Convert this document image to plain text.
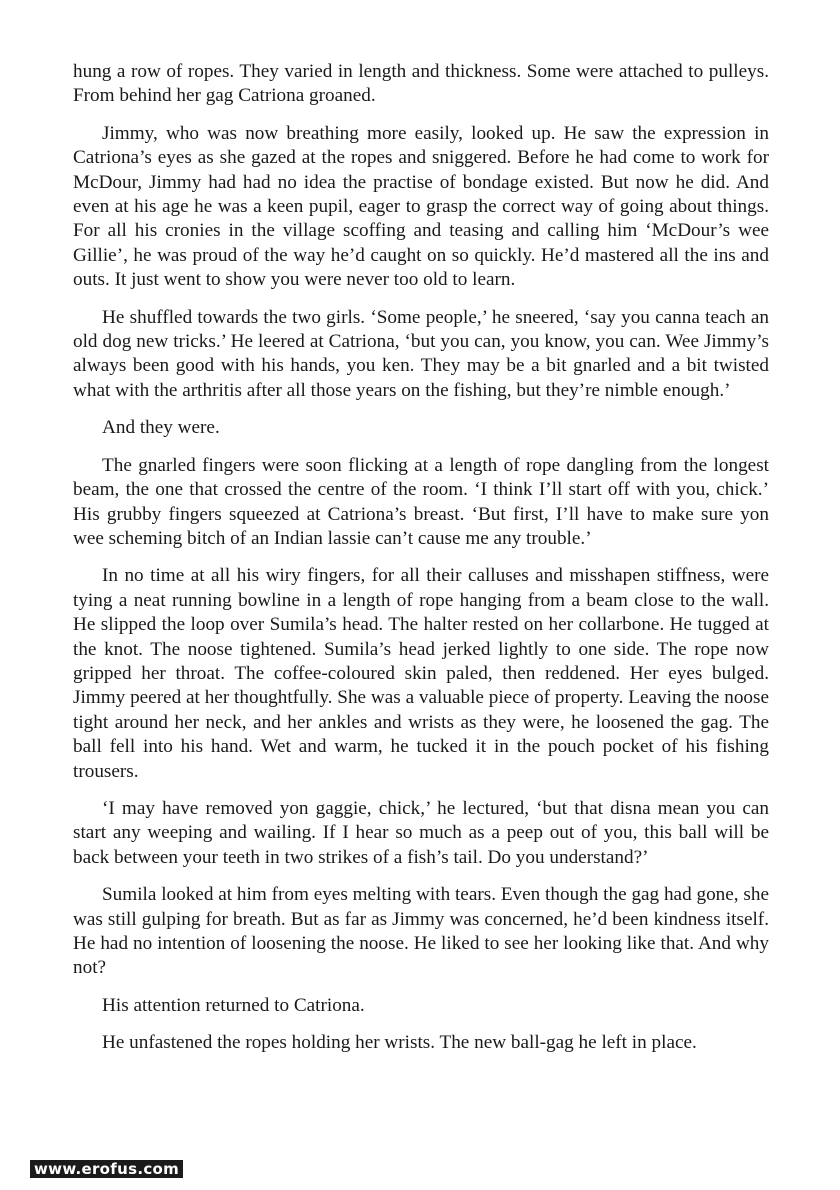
hung a row of ropes. They varied in length and thickness. Some were attached to pulleys. From behind her gag Catriona groaned.

Jimmy, who was now breathing more easily, looked up. He saw the expression in Catriona’s eyes as she gazed at the ropes and sniggered. Before he had come to work for McDour, Jimmy had had no idea the practise of bondage existed. But now he did. And even at his age he was a keen pupil, eager to grasp the correct way of going about things. For all his cronies in the village scoffing and teasing and calling him ‘McDour’s wee Gillie’, he was proud of the way he’d caught on so quickly. He’d mastered all the ins and outs. It just went to show you were never too old to learn.

He shuffled towards the two girls. ‘Some people,’ he sneered, ‘say you canna teach an old dog new tricks.’ He leered at Catriona, ‘but you can, you know, you can. Wee Jimmy’s always been good with his hands, you ken. They may be a bit gnarled and a bit twisted what with the arthritis after all those years on the fishing, but they’re nimble enough.’

And they were.

The gnarled fingers were soon flicking at a length of rope dangling from the longest beam, the one that crossed the centre of the room. ‘I think I’ll start off with you, chick.’ His grubby fingers squeezed at Catriona’s breast. ‘But first, I’ll have to make sure yon wee scheming bitch of an Indian lassie can’t cause me any trouble.’

In no time at all his wiry fingers, for all their calluses and misshapen stiffness, were tying a neat running bowline in a length of rope hanging from a beam close to the wall. He slipped the loop over Sumila’s head. The halter rested on her collarbone. He tugged at the knot. The noose tightened. Sumila’s head jerked lightly to one side. The rope now gripped her throat. The coffee-coloured skin paled, then reddened. Her eyes bulged. Jimmy peered at her thoughtfully. She was a valuable piece of property. Leaving the noose tight around her neck, and her ankles and wrists as they were, he loosened the gag. The ball fell into his hand. Wet and warm, he tucked it in the pouch pocket of his fishing trousers.

‘I may have removed yon gaggie, chick,’ he lectured, ‘but that disna mean you can start any weeping and wailing. If I hear so much as a peep out of you, this ball will be back between your teeth in two strikes of a fish’s tail. Do you understand?’

Sumila looked at him from eyes melting with tears. Even though the gag had gone, she was still gulping for breath. But as far as Jimmy was concerned, he’d been kindness itself. He had no intention of loosening the noose. He liked to see her looking like that. And why not?

His attention returned to Catriona.

He unfastened the ropes holding her wrists. The new ball-gag he left in place.

www.erofus.com
